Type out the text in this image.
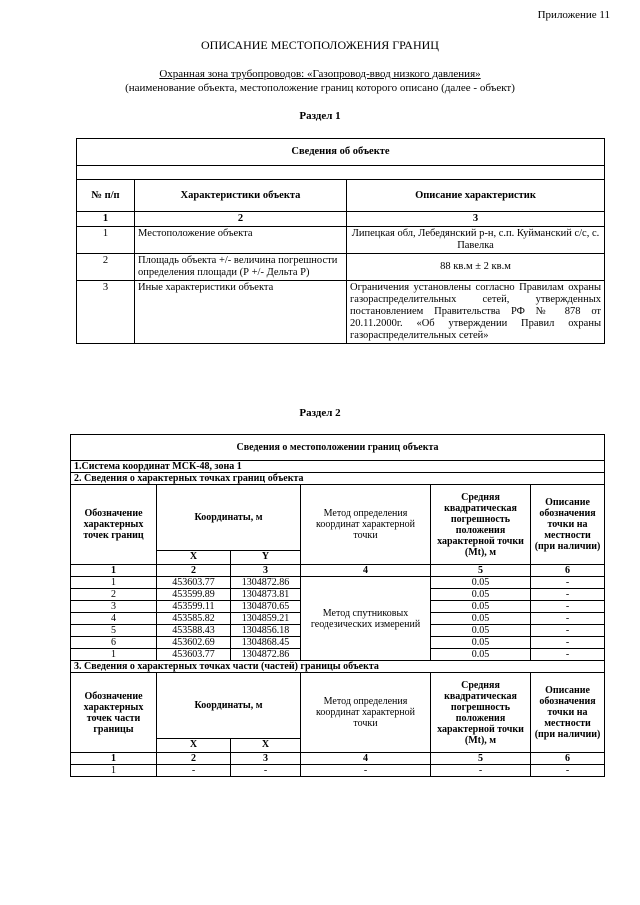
Приложение 11
ОПИСАНИЕ МЕСТОПОЛОЖЕНИЯ ГРАНИЦ
Охранная зона трубопроводов: «Газопровод-ввод низкого давления»
(наименование объекта, местоположение границ которого описано (далее - объект)
Раздел 1
Сведения об объекте		

№ п/п	Характеристики объекта	Описание характеристик
1	2	3
1	Местоположение объекта	Липецкая обл, Лебедянский р-н, с.п. Куйманский с/с, с. Павелка
2	Площадь объекта +/- величина погрешности определения площади (Р +/- Дельта Р)	88 кв.м ± 2 кв.м
3	Иные характеристики объекта	Ограничения установлены согласно Правилам охраны газораспределительных сетей, утвержденных постановлением Правительства РФ № 878 от 20.11.2000г. «Об утверждении Правил охраны газораспределительных сетей»
Раздел 2
Сведения о местоположении границ объекта					
1.Система координат МСК-48, зона 1					
2. Сведения о характерных точках границ объекта					
Обозначение характерных точек границ	Координаты, м		Метод определения координат характерной точки	Средняя квадратическая погрешность положения характерной точки (Mt), м	Описание обозначения точки на местности (при наличии)
	X	Y			
1	2	3	4	5	6
1	453603.77	1304872.86	Метод спутниковых геодезических измерений	0.05	-
2	453599.89	1304873.81		0.05	-
3	453599.11	1304870.65		0.05	-
4	453585.82	1304859.21		0.05	-
5	453588.43	1304856.18		0.05	-
6	453602.69	1304868.45		0.05	-
1	453603.77	1304872.86		0.05	-
3. Сведения о характерных точках части (частей) границы объекта					
Обозначение характерных точек части границы	Координаты, м		Метод определения координат характерной точки	Средняя квадратическая погрешность положения характерной точки (Mt), м	Описание обозначения точки на местности (при наличии)
	X	X			
1	2	3	4	5	6
1	-	-	-	-	-
